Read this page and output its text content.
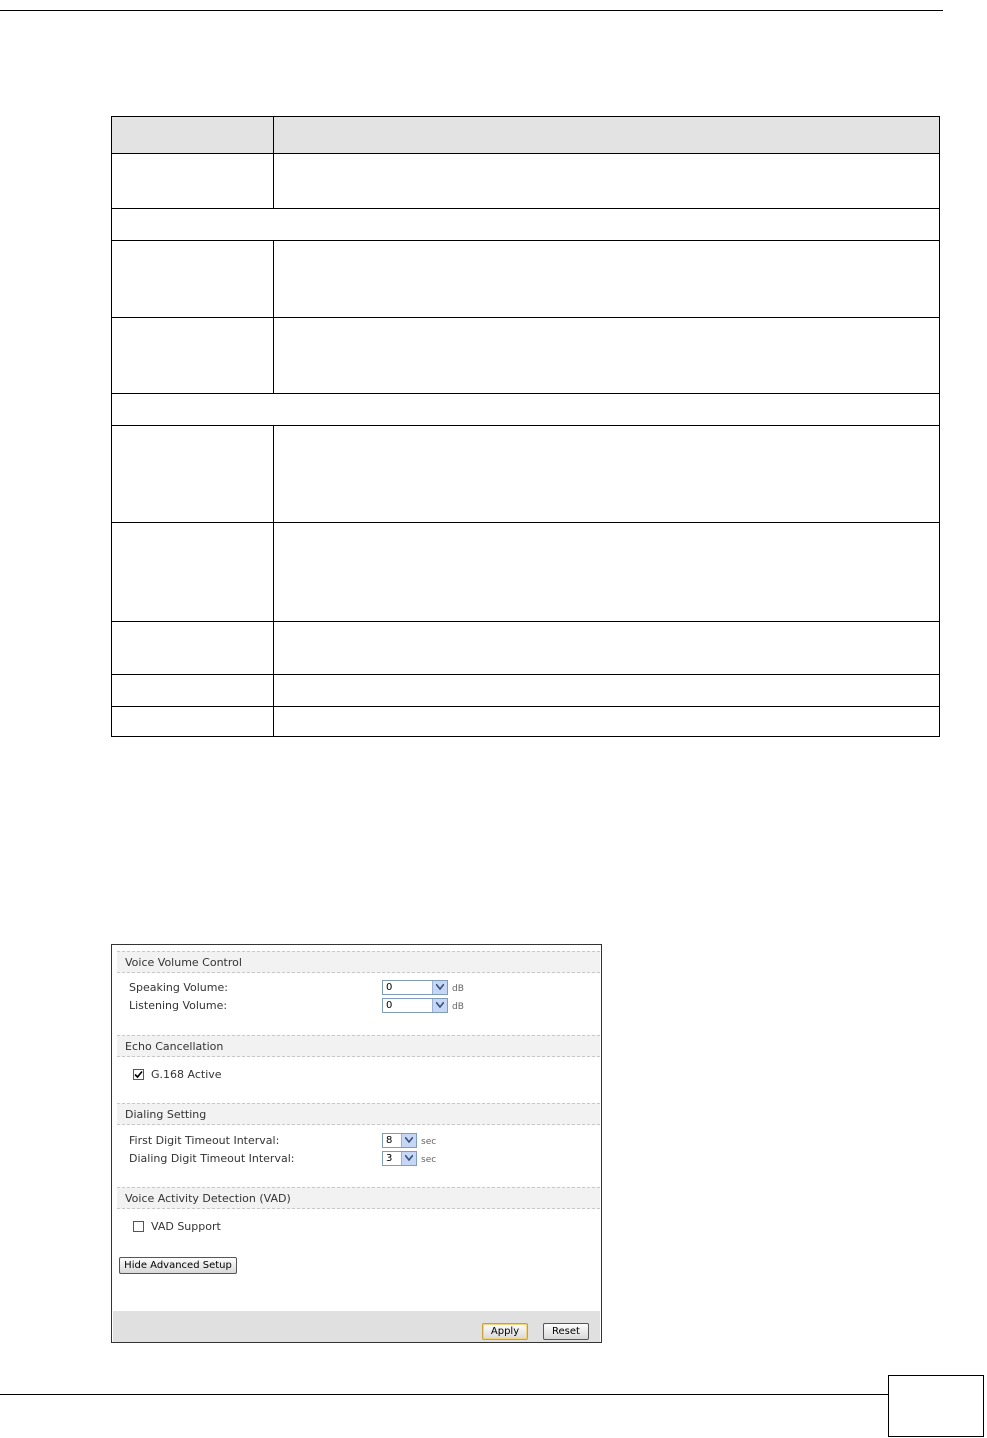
Voice Volume Control
Speaking Volume:	0	dB
Listening Volume:	0	dB
Echo Cancellation
G.168 Active
Dialing Setting
First Digit Timeout Interval:	8	sec
Dialing Digit Timeout Interval:	3	sec
Voice Activity Detection (VAD)
VAD Support
Hide Advanced Setup
Apply	Reset
